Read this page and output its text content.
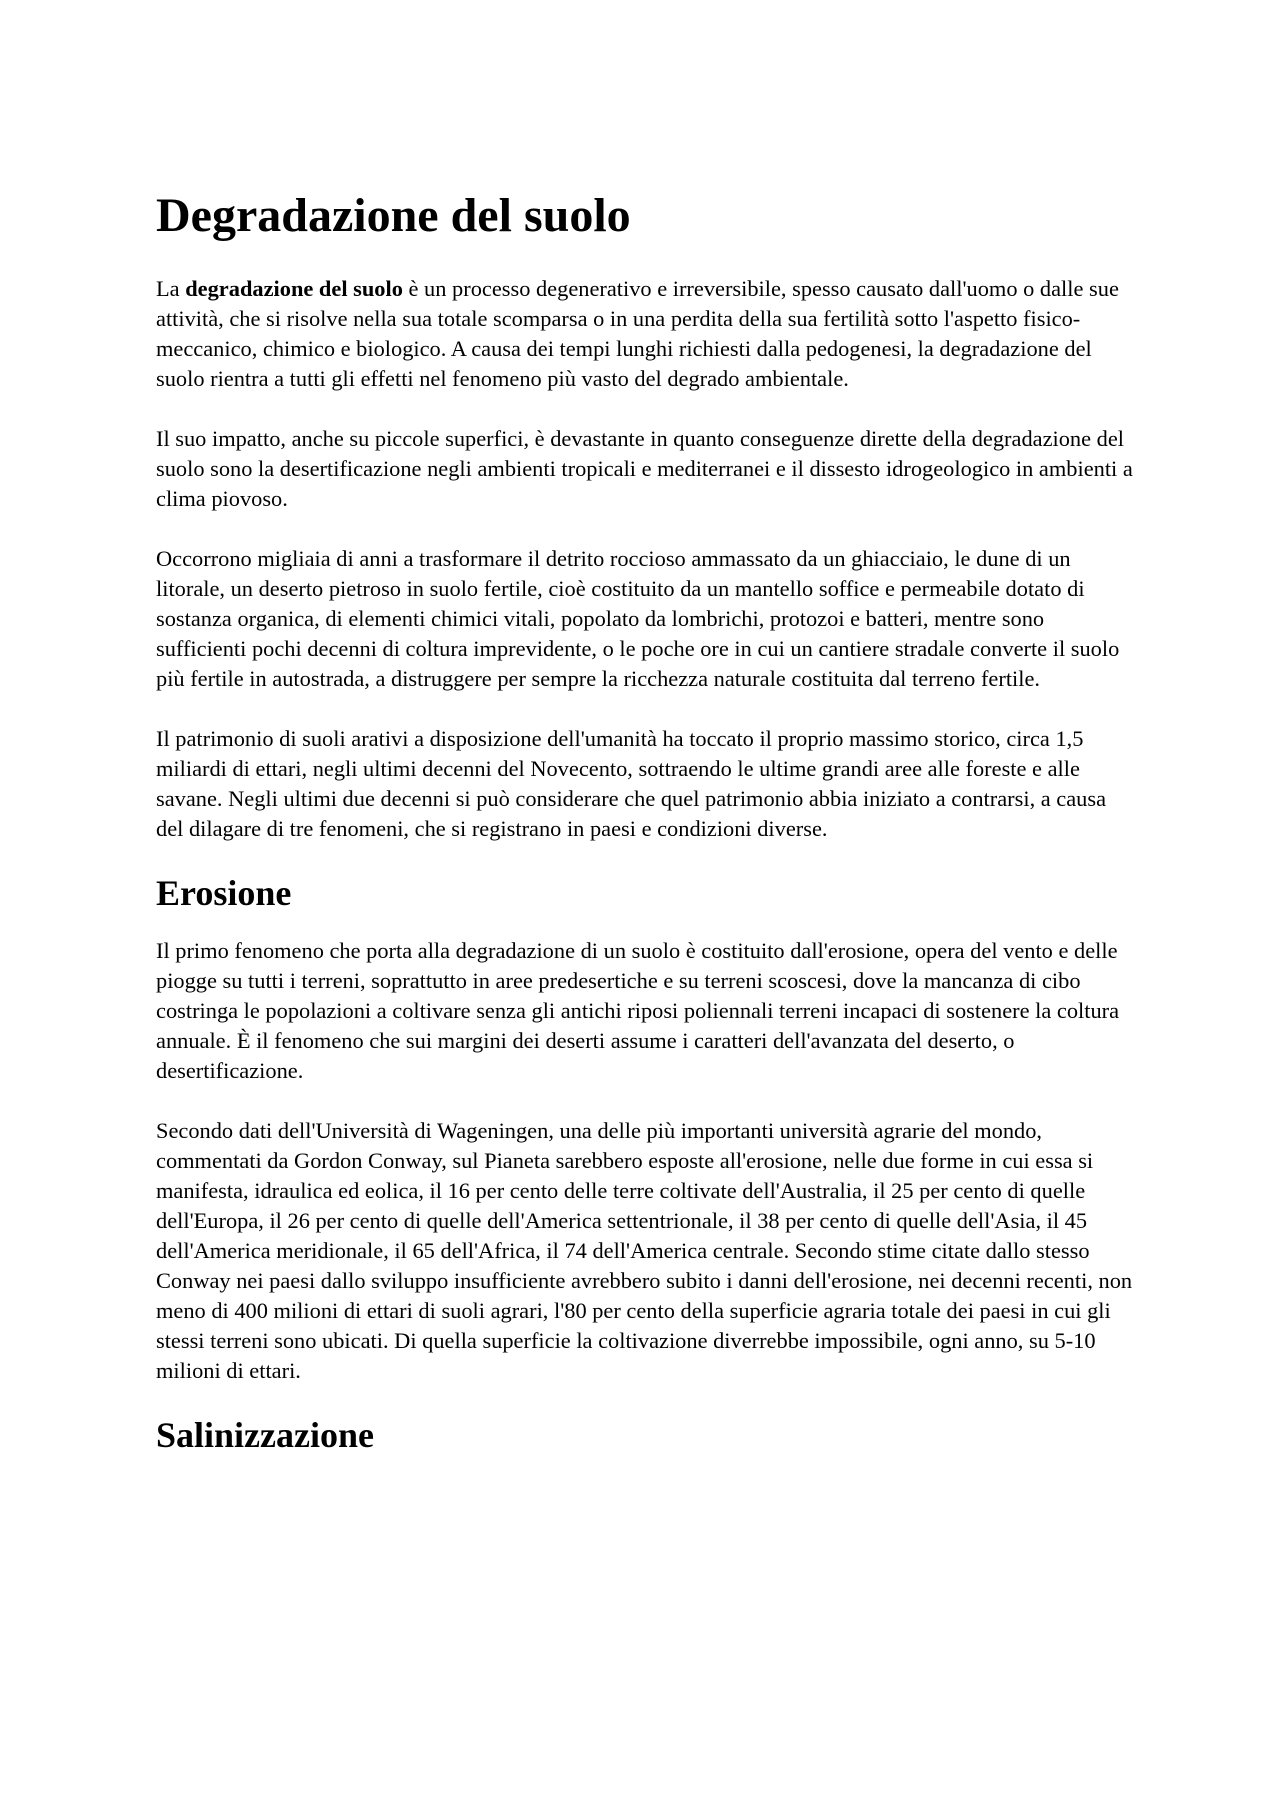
Degradazione del suolo

La degradazione del suolo è un processo degenerativo e irreversibile, spesso causato dall'uomo o dalle sue attività, che si risolve nella sua totale scomparsa o in una perdita della sua fertilità sotto l'aspetto fisico-meccanico, chimico e biologico. A causa dei tempi lunghi richiesti dalla pedogenesi, la degradazione del suolo rientra a tutti gli effetti nel fenomeno più vasto del degrado ambientale.

Il suo impatto, anche su piccole superfici, è devastante in quanto conseguenze dirette della degradazione del suolo sono la desertificazione negli ambienti tropicali e mediterranei e il dissesto idrogeologico in ambienti a clima piovoso.

Occorrono migliaia di anni a trasformare il detrito roccioso ammassato da un ghiacciaio, le dune di un litorale, un deserto pietroso in suolo fertile, cioè costituito da un mantello soffice e permeabile dotato di sostanza organica, di elementi chimici vitali, popolato da lombrichi, protozoi e batteri, mentre sono sufficienti pochi decenni di coltura imprevidente, o le poche ore in cui un cantiere stradale converte il suolo più fertile in autostrada, a distruggere per sempre la ricchezza naturale costituita dal terreno fertile.

Il patrimonio di suoli arativi a disposizione dell'umanità ha toccato il proprio massimo storico, circa 1,5 miliardi di ettari, negli ultimi decenni del Novecento, sottraendo le ultime grandi aree alle foreste e alle savane. Negli ultimi due decenni si può considerare che quel patrimonio abbia iniziato a contrarsi, a causa del dilagare di tre fenomeni, che si registrano in paesi e condizioni diverse.

Erosione

Il primo fenomeno che porta alla degradazione di un suolo è costituito dall'erosione, opera del vento e delle piogge su tutti i terreni, soprattutto in aree predesertiche e su terreni scoscesi, dove la mancanza di cibo costringa le popolazioni a coltivare senza gli antichi riposi poliennali terreni incapaci di sostenere la coltura annuale. È il fenomeno che sui margini dei deserti assume i caratteri dell'avanzata del deserto, o desertificazione.

Secondo dati dell'Università di Wageningen, una delle più importanti università agrarie del mondo, commentati da Gordon Conway, sul Pianeta sarebbero esposte all'erosione, nelle due forme in cui essa si manifesta, idraulica ed eolica, il 16 per cento delle terre coltivate dell'Australia, il 25 per cento di quelle dell'Europa, il 26 per cento di quelle dell'America settentrionale, il 38 per cento di quelle dell'Asia, il 45 dell'America meridionale, il 65 dell'Africa, il 74 dell'America centrale. Secondo stime citate dallo stesso Conway nei paesi dallo sviluppo insufficiente avrebbero subito i danni dell'erosione, nei decenni recenti, non meno di 400 milioni di ettari di suoli agrari, l'80 per cento della superficie agraria totale dei paesi in cui gli stessi terreni sono ubicati. Di quella superficie la coltivazione diverrebbe impossibile, ogni anno, su 5-10 milioni di ettari.

Salinizzazione
